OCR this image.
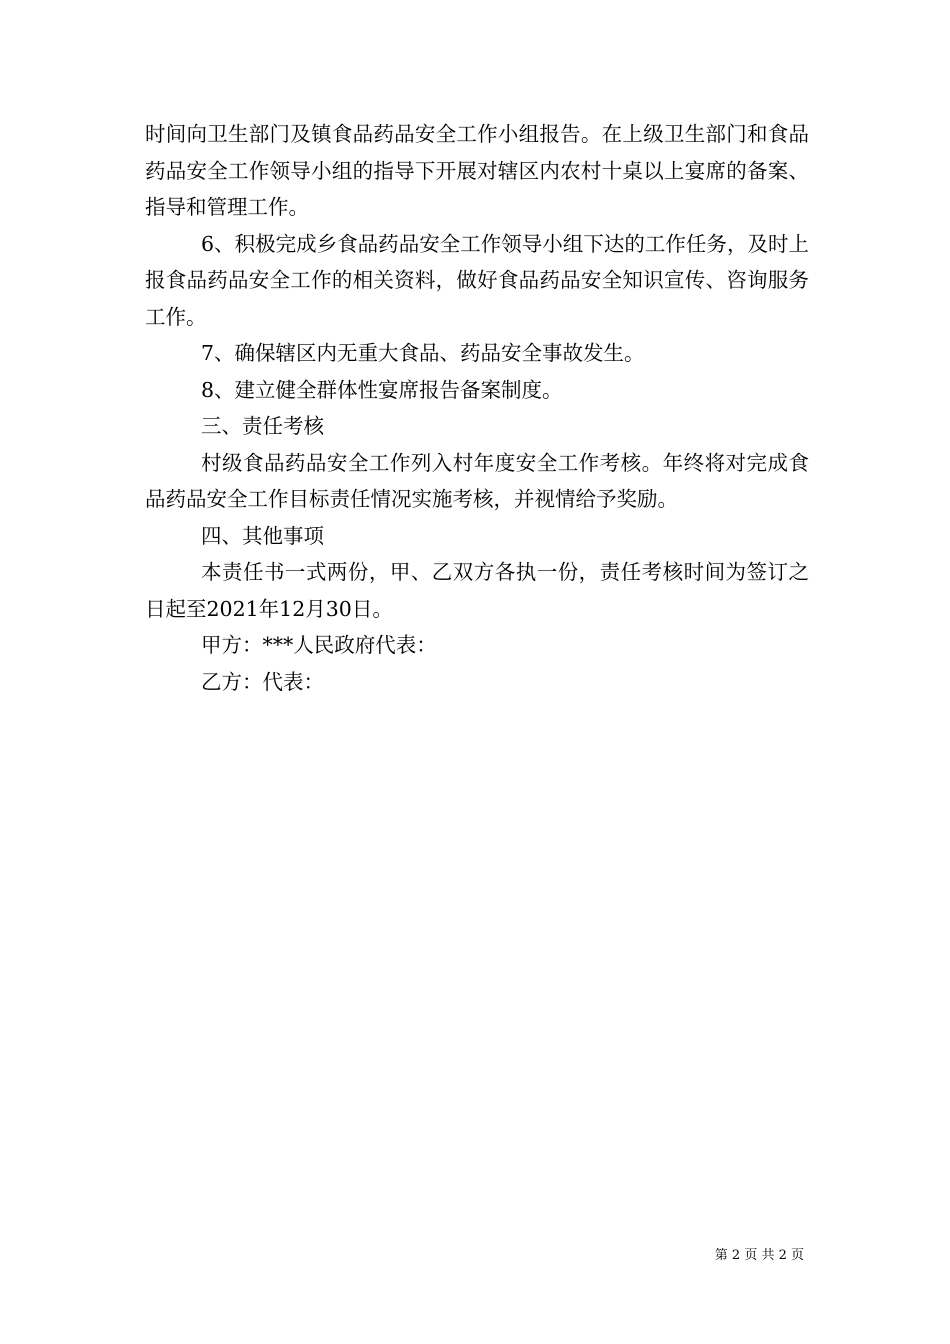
时间向卫生部门及镇食品药品安全工作小组报告。在上级卫生部门和食品药品安全工作领导小组的指导下开展对辖区内农村十桌以上宴席的备案、指导和管理工作。

6、积极完成乡食品药品安全工作领导小组下达的工作任务，及时上报食品药品安全工作的相关资料，做好食品药品安全知识宣传、咨询服务工作。

7、确保辖区内无重大食品、药品安全事故发生。

8、建立健全群体性宴席报告备案制度。

三、责任考核

村级食品药品安全工作列入村年度安全工作考核。年终将对完成食品药品安全工作目标责任情况实施考核，并视情给予奖励。

四、其他事项

本责任书一式两份，甲、乙双方各执一份，责任考核时间为签订之日起至2021年12月30日。

甲方：***人民政府代表：

乙方：代表：

第 2 页 共 2 页
